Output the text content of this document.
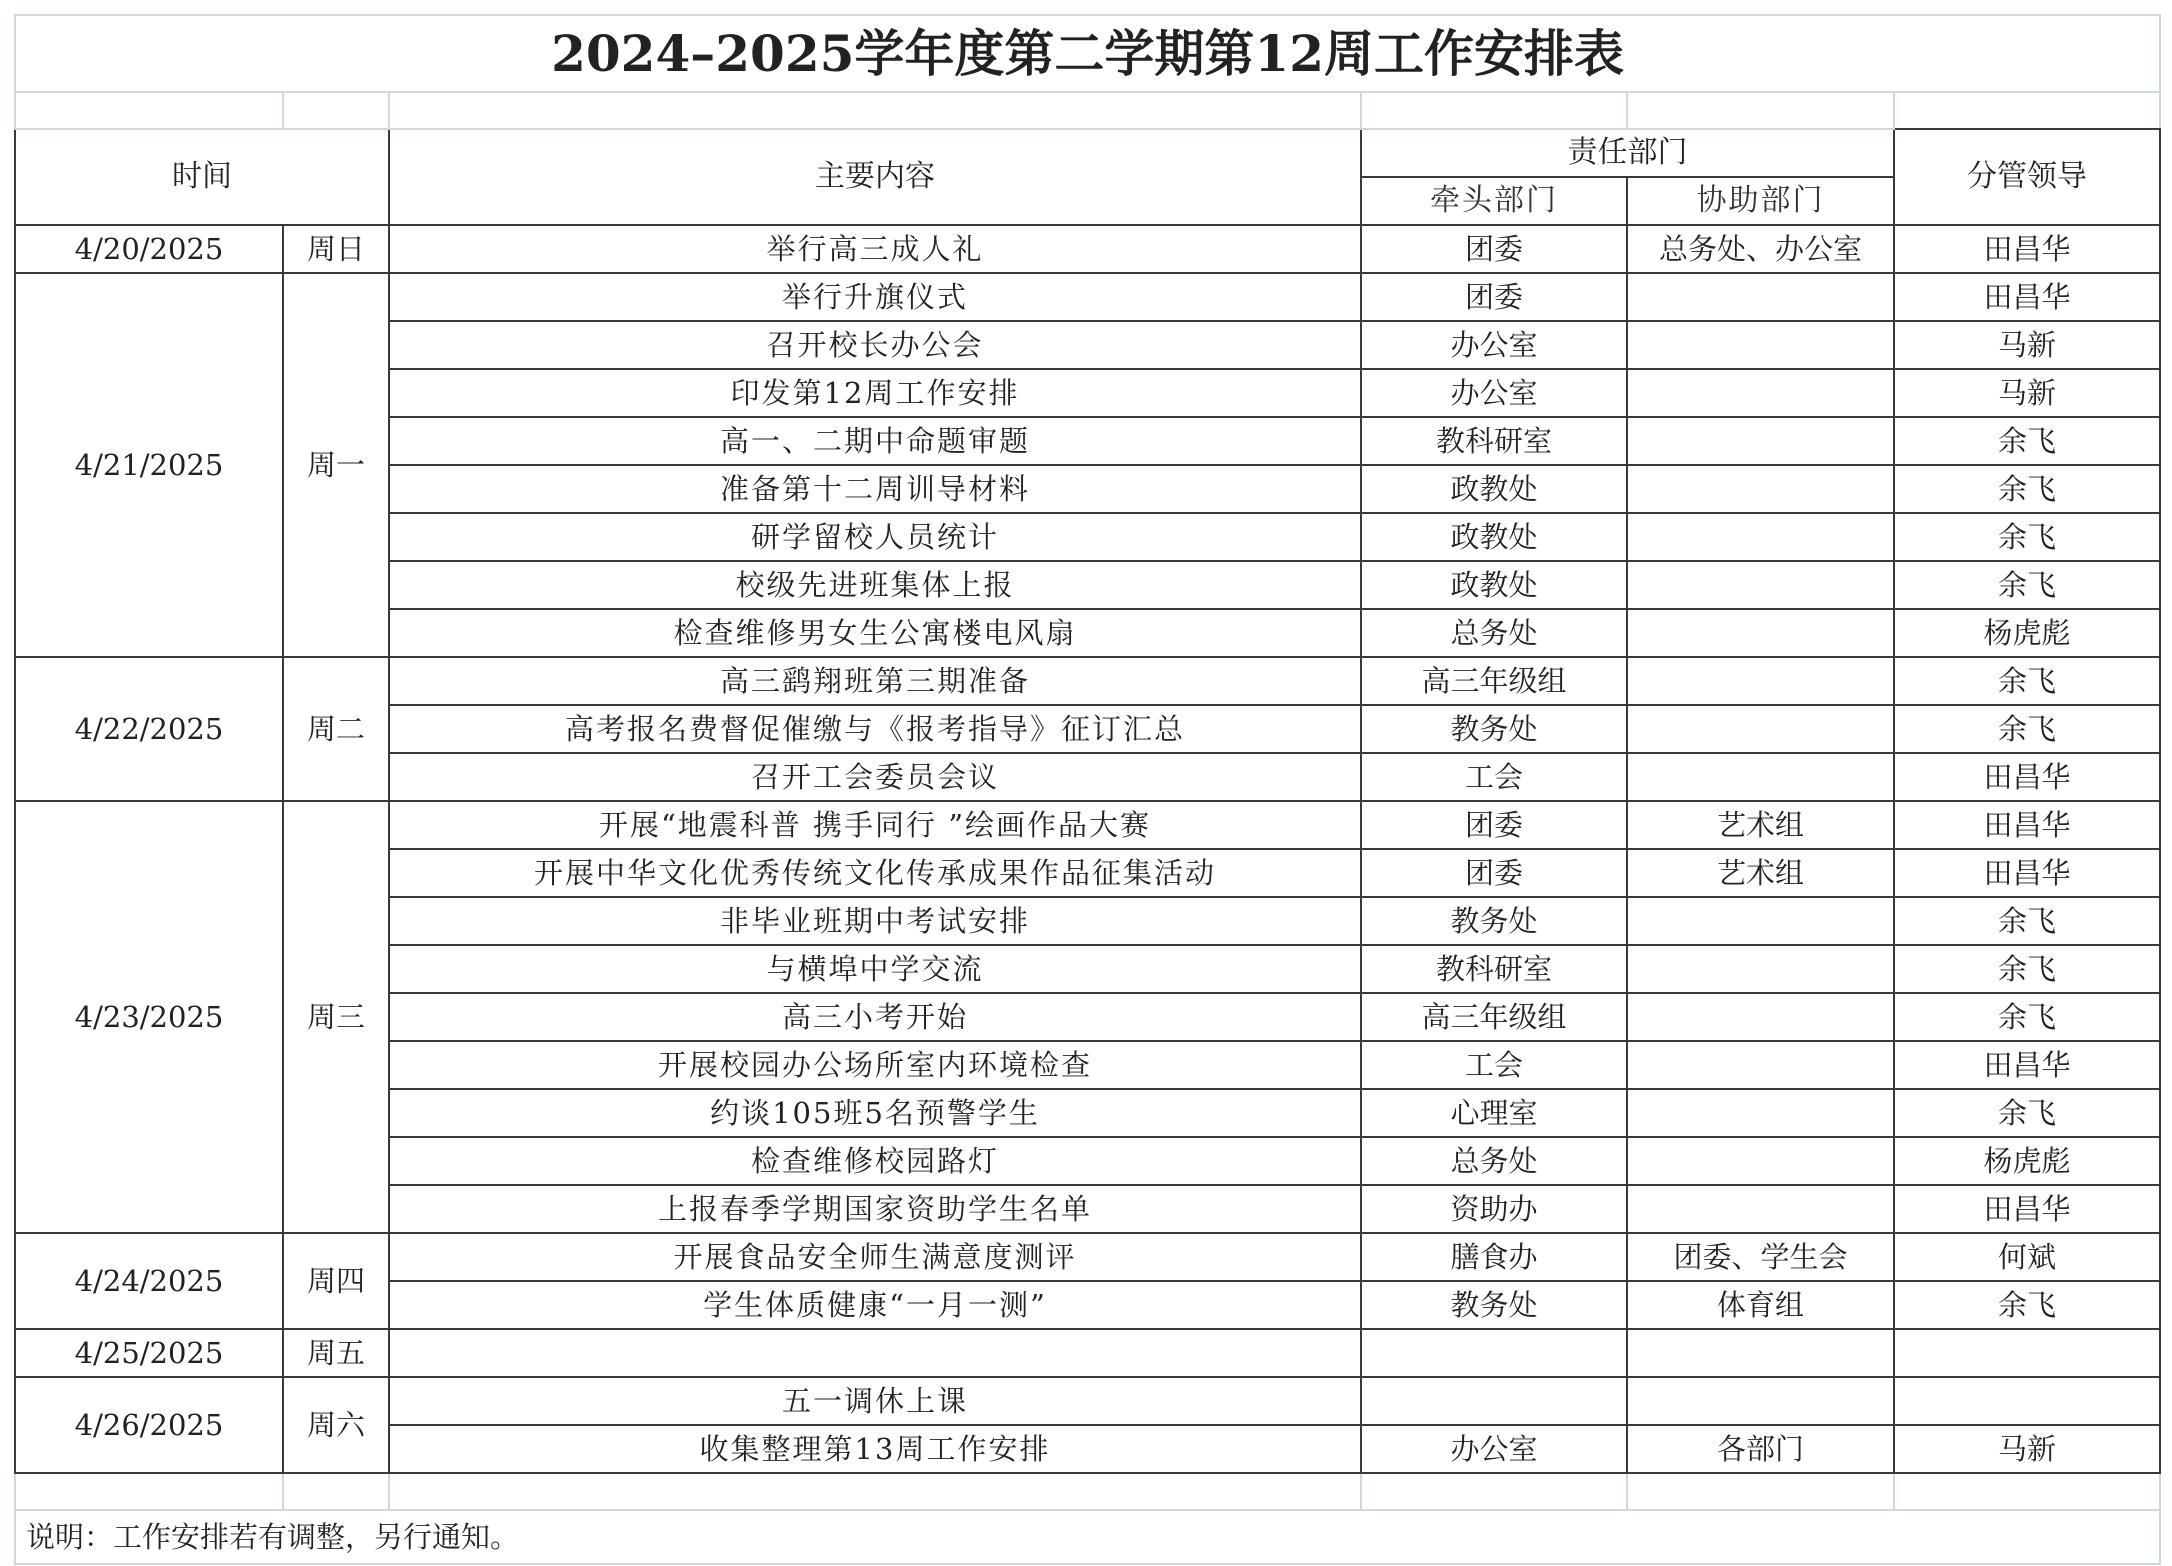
2024–2025学年度第二学期第12周工作安排表					

时间		主要内容	责任部门		分管领导
			牵头部门	协助部门	
4/20/2025	周日	举行高三成人礼	团委	总务处、办公室	田昌华
4/21/2025	周一	举行升旗仪式	团委		田昌华
		召开校长办公会	办公室		马新
		印发第12周工作安排	办公室		马新
		高一、二期中命题审题	教科研室		余飞
		准备第十二周训导材料	政教处		余飞
		研学留校人员统计	政教处		余飞
		校级先进班集体上报	政教处		余飞
		检查维修男女生公寓楼电风扇	总务处		杨虎彪
4/22/2025	周二	高三鹞翔班第三期准备	高三年级组		余飞
		高考报名费督促催缴与《报考指导》征订汇总	教务处		余飞
		召开工会委员会议	工会		田昌华
4/23/2025	周三	开展“地震科普 携手同行 ”绘画作品大赛	团委	艺术组	田昌华
		开展中华文化优秀传统文化传承成果作品征集活动	团委	艺术组	田昌华
		非毕业班期中考试安排	教务处		余飞
		与横埠中学交流	教科研室		余飞
		高三小考开始	高三年级组		余飞
		开展校园办公场所室内环境检查	工会		田昌华
		约谈105班5名预警学生	心理室		余飞
		检查维修校园路灯	总务处		杨虎彪
		上报春季学期国家资助学生名单	资助办		田昌华
4/24/2025	周四	开展食品安全师生满意度测评	膳食办	团委、学生会	何斌
		学生体质健康“一月一测”	教务处	体育组	余飞
4/25/2025	周五				
4/26/2025	周六	五一调休上课			
		收集整理第13周工作安排	办公室	各部门	马新

说明：工作安排若有调整，另行通知。					
